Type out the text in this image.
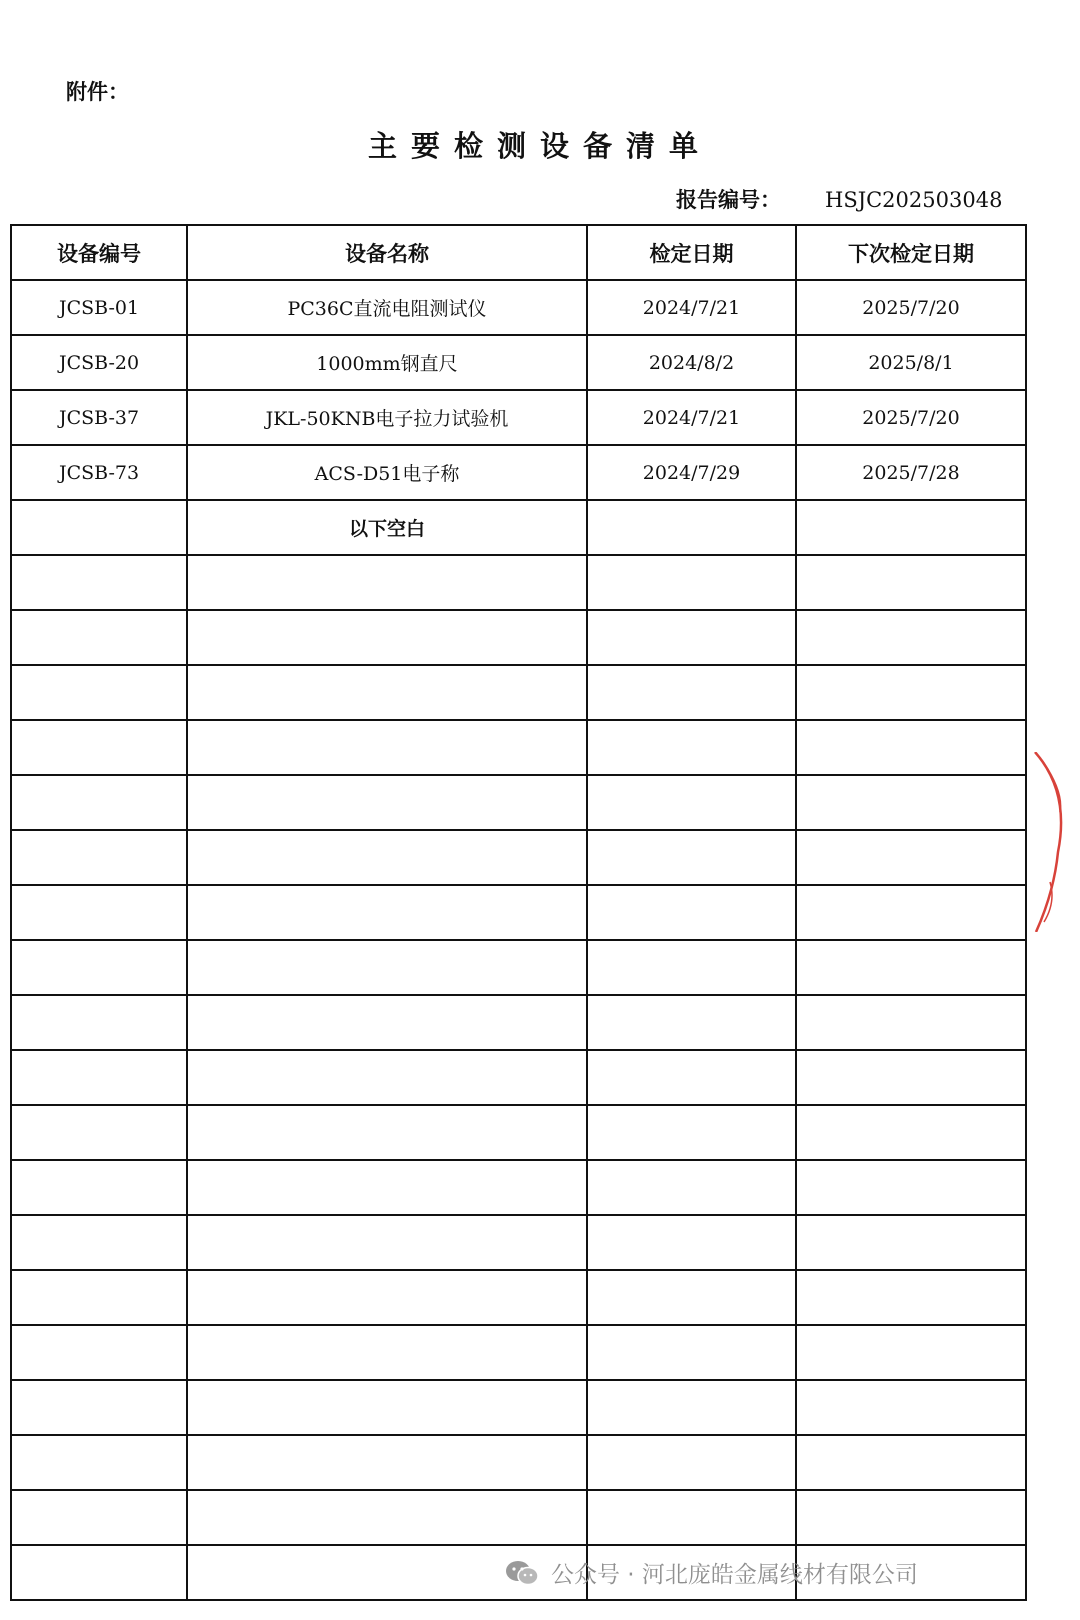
附件：
主要检测设备清单
报告编号： HSJC202503048
设备编号	设备名称	检定日期	下次检定日期
JCSB-01	PC36C直流电阻测试仪	2024/7/21	2025/7/20
JCSB-20	1000mm钢直尺	2024/8/2	2025/8/1
JCSB-37	JKL-50KNB电子拉力试验机	2024/7/21	2025/7/20
JCSB-73	ACS-D51电子称	2024/7/29	2025/7/28
	以下空白		

公众号 · 河北庞皓金属线材有限公司
